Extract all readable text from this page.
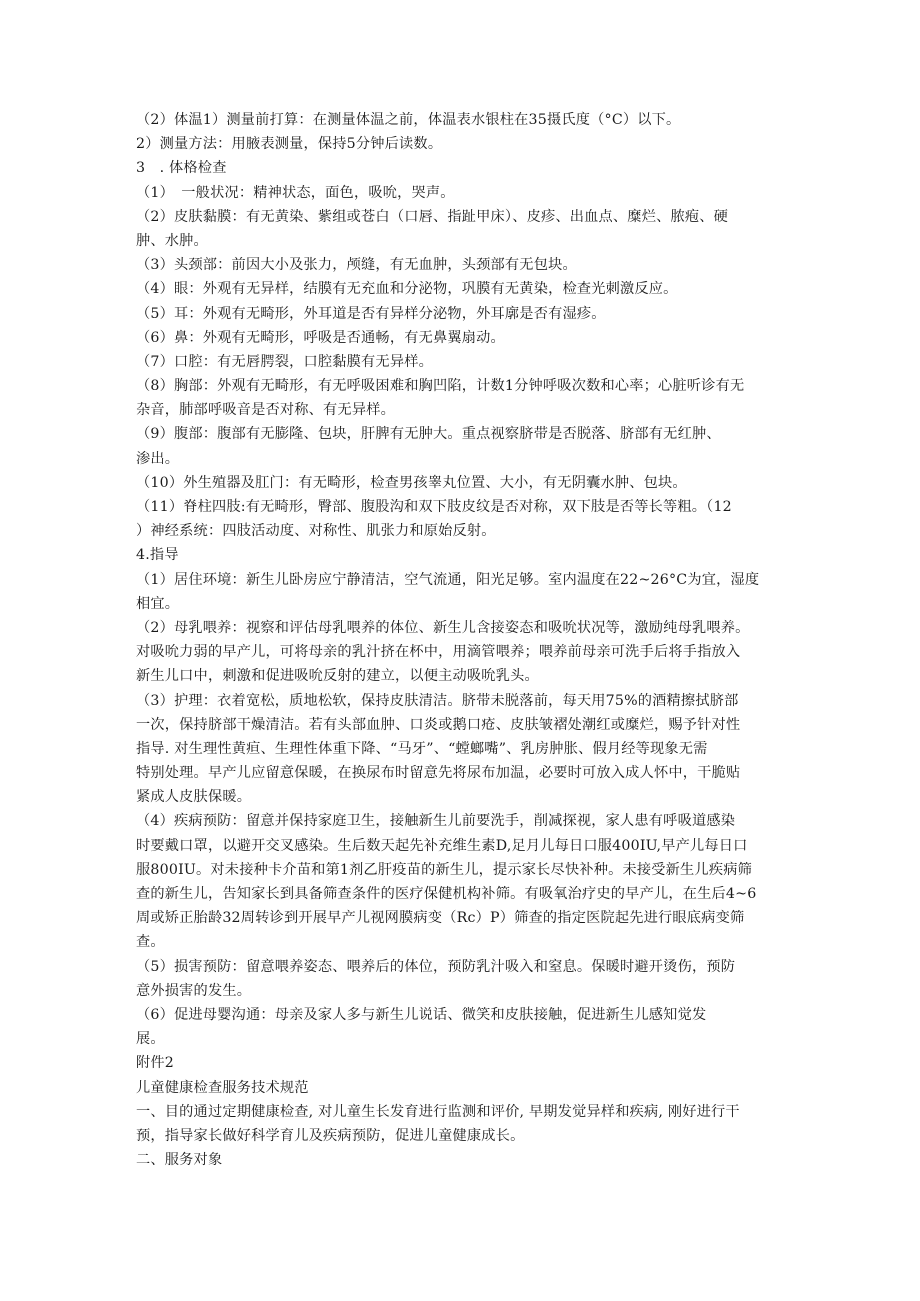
（2）体温1）测量前打算：在测量体温之前，体温表水银柱在35摄氏度（°C）以下。
2）测量方法：用腋表测量，保持5分钟后读数。
3　. 体格检查
（1）　一般状况：精神状态，面色，吸吮，哭声。
（2）皮肤黏膜：有无黄染、紫组或苍白（口唇、指趾甲床）、皮疹、出血点、糜烂、脓疱、硬
肿、水肿。
（3）头颈部：前因大小及张力，颅缝，有无血肿，头颈部有无包块。
（4）眼：外观有无异样，结膜有无充血和分泌物，巩膜有无黄染，检查光刺激反应。
（5）耳：外观有无畸形，外耳道是否有异样分泌物，外耳廓是否有湿疹。
（6）鼻：外观有无畸形，呼吸是否通畅，有无鼻翼扇动。
（7）口腔：有无唇腭裂，口腔黏膜有无异样。
（8）胸部：外观有无畸形，有无呼吸困难和胸凹陷，计数1分钟呼吸次数和心率；心脏听诊有无
杂音，肺部呼吸音是否对称、有无异样。
（9）腹部：腹部有无膨隆、包块，肝脾有无肿大。重点视察脐带是否脱落、脐部有无红肿、
渗出。
（10）外生殖器及肛门：有无畸形，检查男孩睾丸位置、大小，有无阴囊水肿、包块。
（11）脊柱四肢:有无畸形，臀部、腹股沟和双下肢皮纹是否对称，双下肢是否等长等粗。（12
）神经系统：四肢活动度、对称性、肌张力和原始反射。
4.指导
（1）居住环境：新生儿卧房应宁静清洁，空气流通，阳光足够。室内温度在22~26°C为宜，湿度
相宜。
（2）母乳喂养：视察和评估母乳喂养的体位、新生儿含接姿态和吸吮状况等，激励纯母乳喂养。
对吸吮力弱的早产儿，可将母亲的乳汁挤在杯中，用滴管喂养；喂养前母亲可洗手后将手指放入
新生儿口中，刺激和促进吸吮反射的建立，以便主动吸吮乳头。
（3）护理：衣着宽松，质地松软，保持皮肤清洁。脐带未脱落前，每天用75%的酒精擦拭脐部
一次，保持脐部干燥清洁。若有头部血肿、口炎或鹅口疮、皮肤皱褶处潮红或糜烂，赐予针对性
指导. 对生理性黄疸、生理性体重下降、“马牙”、“螳螂嘴”、乳房肿胀、假月经等现象无需
特别处理。早产儿应留意保暖，在换尿布时留意先将尿布加温，必要时可放入成人怀中，干脆贴
紧成人皮肤保暖。
（4）疾病预防：留意并保持家庭卫生，接触新生儿前要洗手，削减探视，家人患有呼吸道感染
时要戴口罩，以避开交叉感染。生后数天起先补充维生素D,足月儿每日口服400IU,早产儿每日口
服800IU。对未接种卡介苗和第1剂乙肝疫苗的新生儿，提示家长尽快补种。未接受新生儿疾病筛
查的新生儿，告知家长到具备筛查条件的医疗保健机构补筛。有吸氧治疗史的早产儿，在生后4~6
周或矫正胎龄32周转诊到开展早产儿视网膜病变（Rc）P）筛查的指定医院起先进行眼底病变筛
查。
（5）损害预防：留意喂养姿态、喂养后的体位，预防乳汁吸入和窒息。保暖时避开烫伤，预防
意外损害的发生。
（6）促进母婴沟通：母亲及家人多与新生儿说话、微笑和皮肤接触，促进新生儿感知觉发
展。
附件2
儿童健康检查服务技术规范
一、目的通过定期健康检查, 对儿童生长发育进行监测和评价, 早期发觉异样和疾病, 刚好进行干
预，指导家长做好科学育儿及疾病预防，促进儿童健康成长。
二、服务对象
